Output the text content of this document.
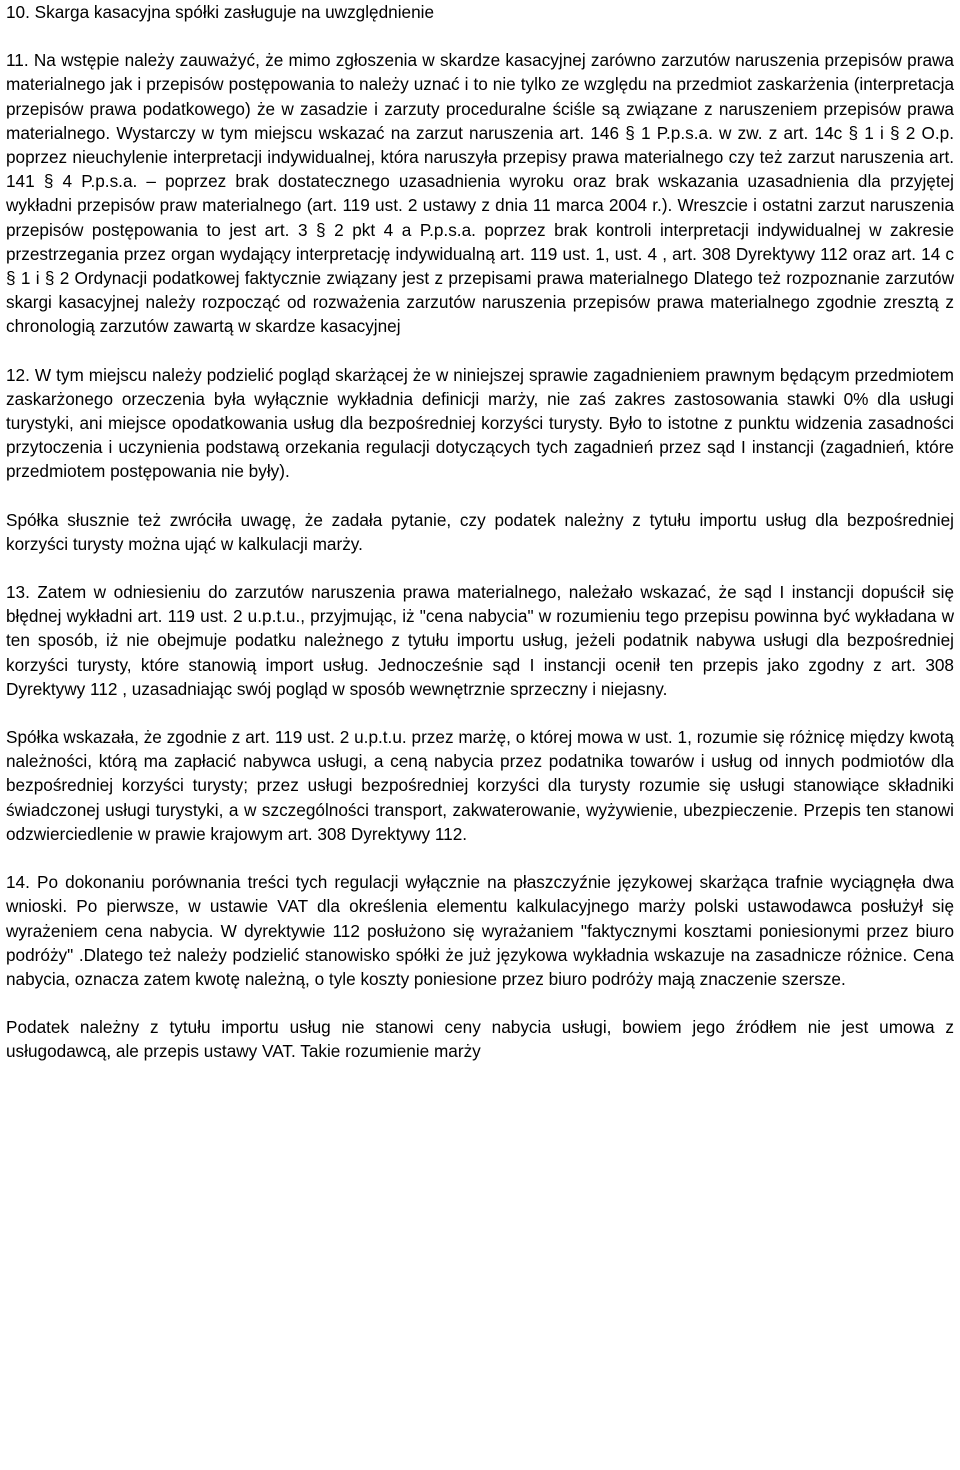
10. Skarga kasacyjna spółki zasługuje na uwzględnienie

11. Na wstępie należy zauważyć, że mimo zgłoszenia w skardze kasacyjnej zarówno zarzutów naruszenia przepisów prawa materialnego jak i przepisów postępowania to należy uznać i to nie tylko ze względu na przedmiot zaskarżenia (interpretacja przepisów prawa podatkowego) że w zasadzie i zarzuty proceduralne ściśle są związane z naruszeniem przepisów prawa materialnego. Wystarczy w tym miejscu wskazać na zarzut naruszenia art. 146 § 1 P.p.s.a. w zw. z art. 14c § 1 i § 2 O.p. poprzez nieuchylenie interpretacji indywidualnej, która naruszyła przepisy prawa materialnego czy też zarzut naruszenia art. 141 § 4 P.p.s.a. – poprzez brak dostatecznego uzasadnienia wyroku oraz brak wskazania uzasadnienia dla przyjętej wykładni przepisów praw materialnego (art. 119 ust. 2 ustawy z dnia 11 marca 2004 r.). Wreszcie i ostatni zarzut naruszenia przepisów postępowania to jest art. 3 § 2 pkt 4 a P.p.s.a. poprzez brak kontroli interpretacji indywidualnej w zakresie przestrzegania przez organ wydający interpretację indywidualną art. 119 ust. 1, ust. 4 , art. 308 Dyrektywy 112 oraz art. 14 c § 1 i § 2 Ordynacji podatkowej faktycznie związany jest z przepisami prawa materialnego Dlatego też rozpoznanie zarzutów skargi kasacyjnej należy rozpocząć od rozważenia zarzutów naruszenia przepisów prawa materialnego zgodnie zresztą z chronologią zarzutów zawartą w skardze kasacyjnej

12. W tym miejscu należy podzielić pogląd skarżącej że w niniejszej sprawie zagadnieniem prawnym będącym przedmiotem zaskarżonego orzeczenia była wyłącznie wykładnia definicji marży, nie zaś zakres zastosowania stawki 0% dla usługi turystyki, ani miejsce opodatkowania usług dla bezpośredniej korzyści turysty. Było to istotne z punktu widzenia zasadności przytoczenia i uczynienia podstawą orzekania regulacji dotyczących tych zagadnień przez sąd I instancji (zagadnień, które przedmiotem postępowania nie były).

Spółka słusznie też zwróciła uwagę, że zadała pytanie, czy podatek należny z tytułu importu usług dla bezpośredniej korzyści turysty można ująć w kalkulacji marży.

13. Zatem w odniesieniu do zarzutów naruszenia prawa materialnego, należało wskazać, że sąd I instancji dopuścił się błędnej wykładni art. 119 ust. 2 u.p.t.u., przyjmując, iż "cena nabycia" w rozumieniu tego przepisu powinna być wykładana w ten sposób, iż nie obejmuje podatku należnego z tytułu importu usług, jeżeli podatnik nabywa usługi dla bezpośredniej korzyści turysty, które stanowią import usług. Jednocześnie sąd I instancji ocenił ten przepis jako zgodny z art. 308 Dyrektywy 112 , uzasadniając swój pogląd w sposób wewnętrznie sprzeczny i niejasny.

Spółka wskazała, że zgodnie z art. 119 ust. 2 u.p.t.u. przez marżę, o której mowa w ust. 1, rozumie się różnicę między kwotą należności, którą ma zapłacić nabywca usługi, a ceną nabycia przez podatnika towarów i usług od innych podmiotów dla bezpośredniej korzyści turysty; przez usługi bezpośredniej korzyści dla turysty rozumie się usługi stanowiące składniki świadczonej usługi turystyki, a w szczególności transport, zakwaterowanie, wyżywienie, ubezpieczenie. Przepis ten stanowi odzwierciedlenie w prawie krajowym art. 308 Dyrektywy 112.

14. Po dokonaniu porównania treści tych regulacji wyłącznie na płaszczyźnie językowej skarżąca trafnie wyciągnęła dwa wnioski. Po pierwsze, w ustawie VAT dla określenia elementu kalkulacyjnego marży polski ustawodawca posłużył się wyrażeniem cena nabycia. W dyrektywie 112 posłużono się wyrażaniem "faktycznymi kosztami poniesionymi przez biuro podróży" .Dlatego też należy podzielić stanowisko spółki że już językowa wykładnia wskazuje na zasadnicze różnice. Cena nabycia, oznacza zatem kwotę należną, o tyle koszty poniesione przez biuro podróży mają znaczenie szersze.

Podatek należny z tytułu importu usług nie stanowi ceny nabycia usługi, bowiem jego źródłem nie jest umowa z usługodawcą, ale przepis ustawy VAT. Takie rozumienie marży
